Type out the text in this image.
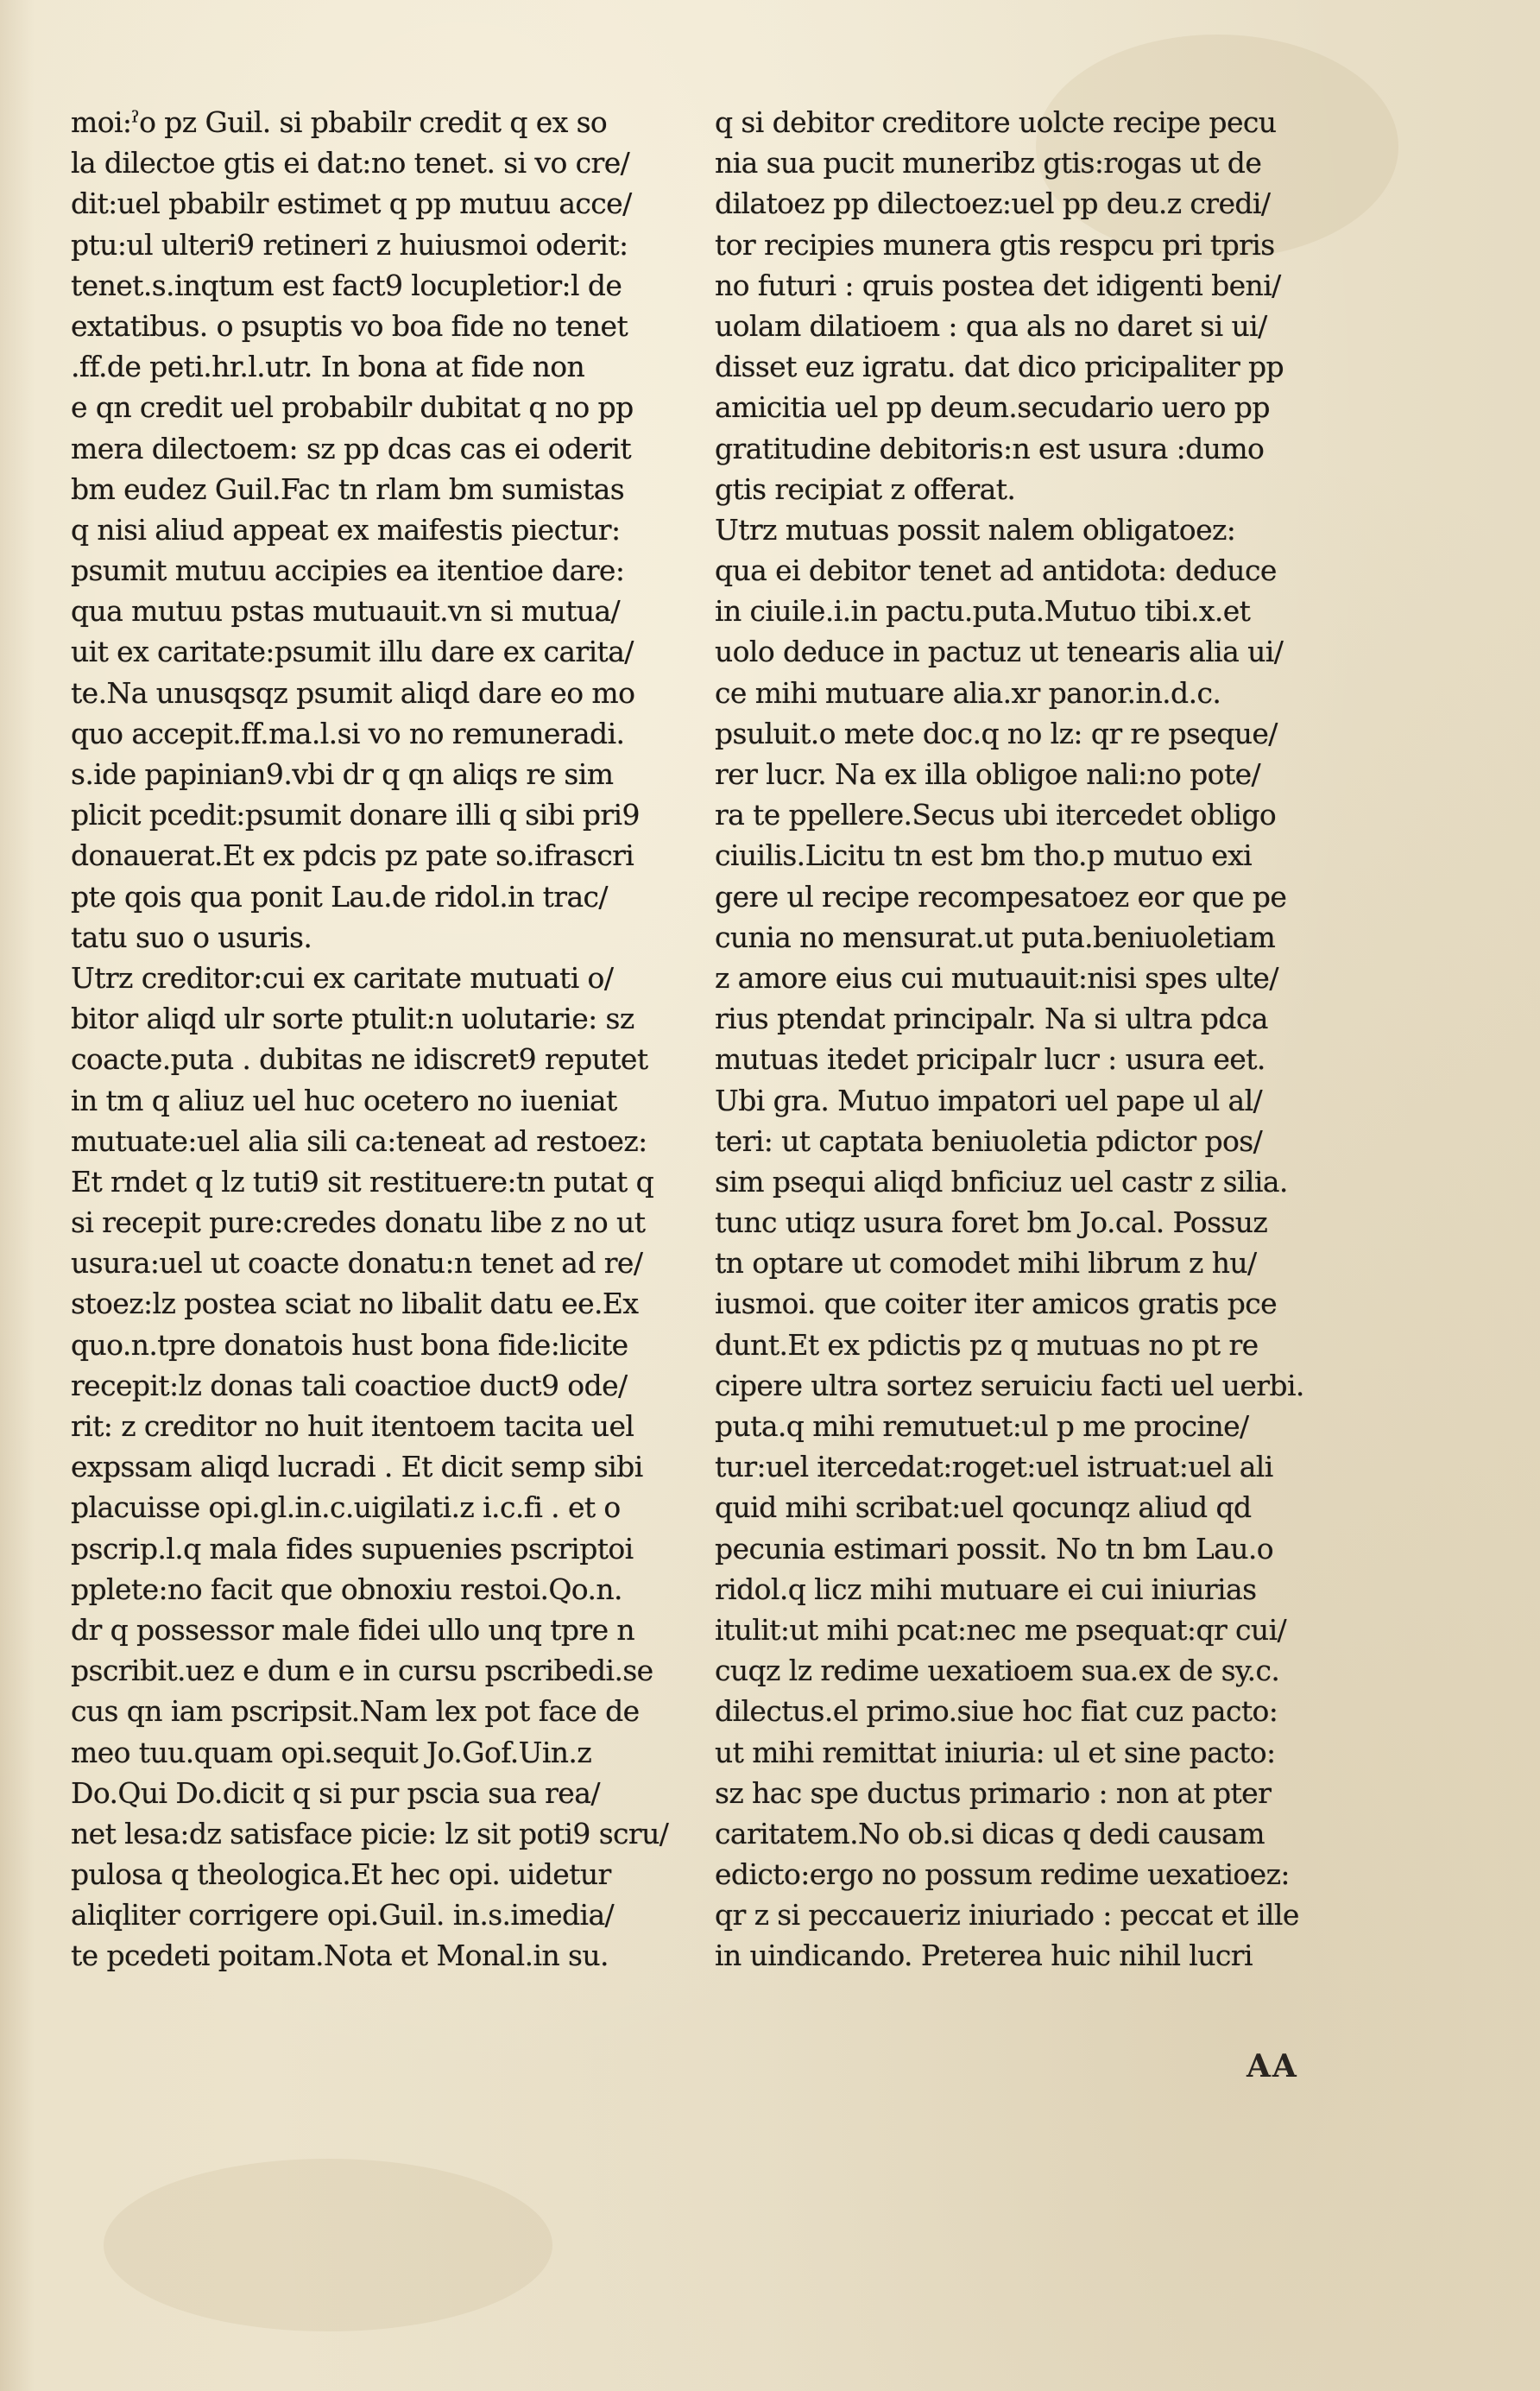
moi:ˀo pz Guil. si pbabilr credit q ex so
la dilectoe gtis ei dat:no tenet. si vo cre/
dit:uel pbabilr estimet q pp mutuu acce/
ptu:ul ulteri9 retineri z huiusmoi oderit:
tenet.s.inqtum est fact9 locupletior:l de
extatibus. o psuptis vo boa fide no tenet
.ff.de peti.hr.l.utr. In bona at fide non
e qn credit uel probabilr dubitat q no pp
mera dilectoem: sz pp dcas cas ei oderit
bm eudez Guil.Fac tn rlam bm sumistas
q nisi aliud appeat ex maifestis piectur:
psumit mutuu accipies ea itentioe dare:
qua mutuu pstas mutuauit.vn si mutua/
uit ex caritate:psumit illu dare ex carita/
te.Na unusqsqz psumit aliqd dare eo mo
quo accepit.ff.ma.l.si vo no remuneradi.
s.ide papinian9.vbi dr q qn aliqs re sim
plicit pcedit:psumit donare illi q sibi pri9
donauerat.Et ex pdcis pz pate so.ifrascri
pte qois qua ponit Lau.de ridol.in trac/
tatu suo o usuris.
Utrz creditor:cui ex caritate mutuati o/
bitor aliqd ulr sorte ptulit:n uolutarie: sz
coacte.puta . dubitas ne idiscret9 reputet
in tm q aliuz uel huc ocetero no iueniat
mutuate:uel alia sili ca:teneat ad restoez:
Et rndet q lz tuti9 sit restituere:tn putat q
si recepit pure:credes donatu libe z no ut
usura:uel ut coacte donatu:n tenet ad re/
stoez:lz postea sciat no libalit datu ee.Ex
quo.n.tpre donatois hust bona fide:licite
recepit:lz donas tali coactioe duct9 ode/
rit: z creditor no huit itentoem tacita uel
expssam aliqd lucradi . Et dicit semp sibi
placuisse opi.gl.in.c.uigilati.z i.c.fi . et o
pscrip.l.q mala fides supuenies pscriptoi
pplete:no facit que obnoxiu restoi.Qo.n.
dr q possessor male fidei ullo unq tpre n
pscribit.uez e dum e in cursu pscribedi.se
cus qn iam pscripsit.Nam lex pot face de
meo tuu.quam opi.sequit Jo.Gof.Uin.z
Do.Qui Do.dicit q si pur pscia sua rea/
net lesa:dz satisface picie: lz sit poti9 scru/
pulosa q theologica.Et hec opi. uidetur
aliqliter corrigere opi.Guil. in.s.imedia/
te pcedeti poitam.Nota et Monal.in su.
q si debitor creditore uolcte recipe pecu
nia sua pucit muneribz gtis:rogas ut de
dilatoez pp dilectoez:uel pp deu.z credi/
tor recipies munera gtis respcu pri tpris
no futuri : qruis postea det idigenti beni/
uolam dilatioem : qua als no daret si ui/
disset euz igratu. dat dico pricipaliter pp
amicitia uel pp deum.secudario uero pp
gratitudine debitoris:n est usura :dumo
gtis recipiat z offerat.
Utrz mutuas possit nalem obligatoez:
qua ei debitor tenet ad antidota: deduce
in ciuile.i.in pactu.puta.Mutuo tibi.x.et
uolo deduce in pactuz ut tenearis alia ui/
ce mihi mutuare alia.xr panor.in.d.c.
psuluit.o mete doc.q no lz: qr re pseque/
rer lucr. Na ex illa obligoe nali:no pote/
ra te ppellere.Secus ubi itercedet obligo
ciuilis.Licitu tn est bm tho.p mutuo exi
gere ul recipe recompesatoez eor que pe
cunia no mensurat.ut puta.beniuoletiam
z amore eius cui mutuauit:nisi spes ulte/
rius ptendat principalr. Na si ultra pdca
mutuas itedet pricipalr lucr : usura eet.
Ubi gra. Mutuo impatori uel pape ul al/
teri: ut captata beniuoletia pdictor pos/
sim psequi aliqd bnficiuz uel castr z silia.
tunc utiqz usura foret bm Jo.cal. Possuz
tn optare ut comodet mihi librum z hu/
iusmoi. que coiter iter amicos gratis pce
dunt.Et ex pdictis pz q mutuas no pt re
cipere ultra sortez seruiciu facti uel uerbi.
puta.q mihi remutuet:ul p me procine/
tur:uel itercedat:roget:uel istruat:uel ali
quid mihi scribat:uel qocunqz aliud qd
pecunia estimari possit. No tn bm Lau.o
ridol.q licz mihi mutuare ei cui iniurias
itulit:ut mihi pcat:nec me psequat:qr cui/
cuqz lz redime uexatioem sua.ex de sy.c.
dilectus.el primo.siue hoc fiat cuz pacto:
ut mihi remittat iniuria: ul et sine pacto:
sz hac spe ductus primario : non at pter
caritatem.No ob.si dicas q dedi causam
edicto:ergo no possum redime uexatioez:
qr z si peccaueriz iniuriado : peccat et ille
in uindicando. Preterea huic nihil lucri
AA
